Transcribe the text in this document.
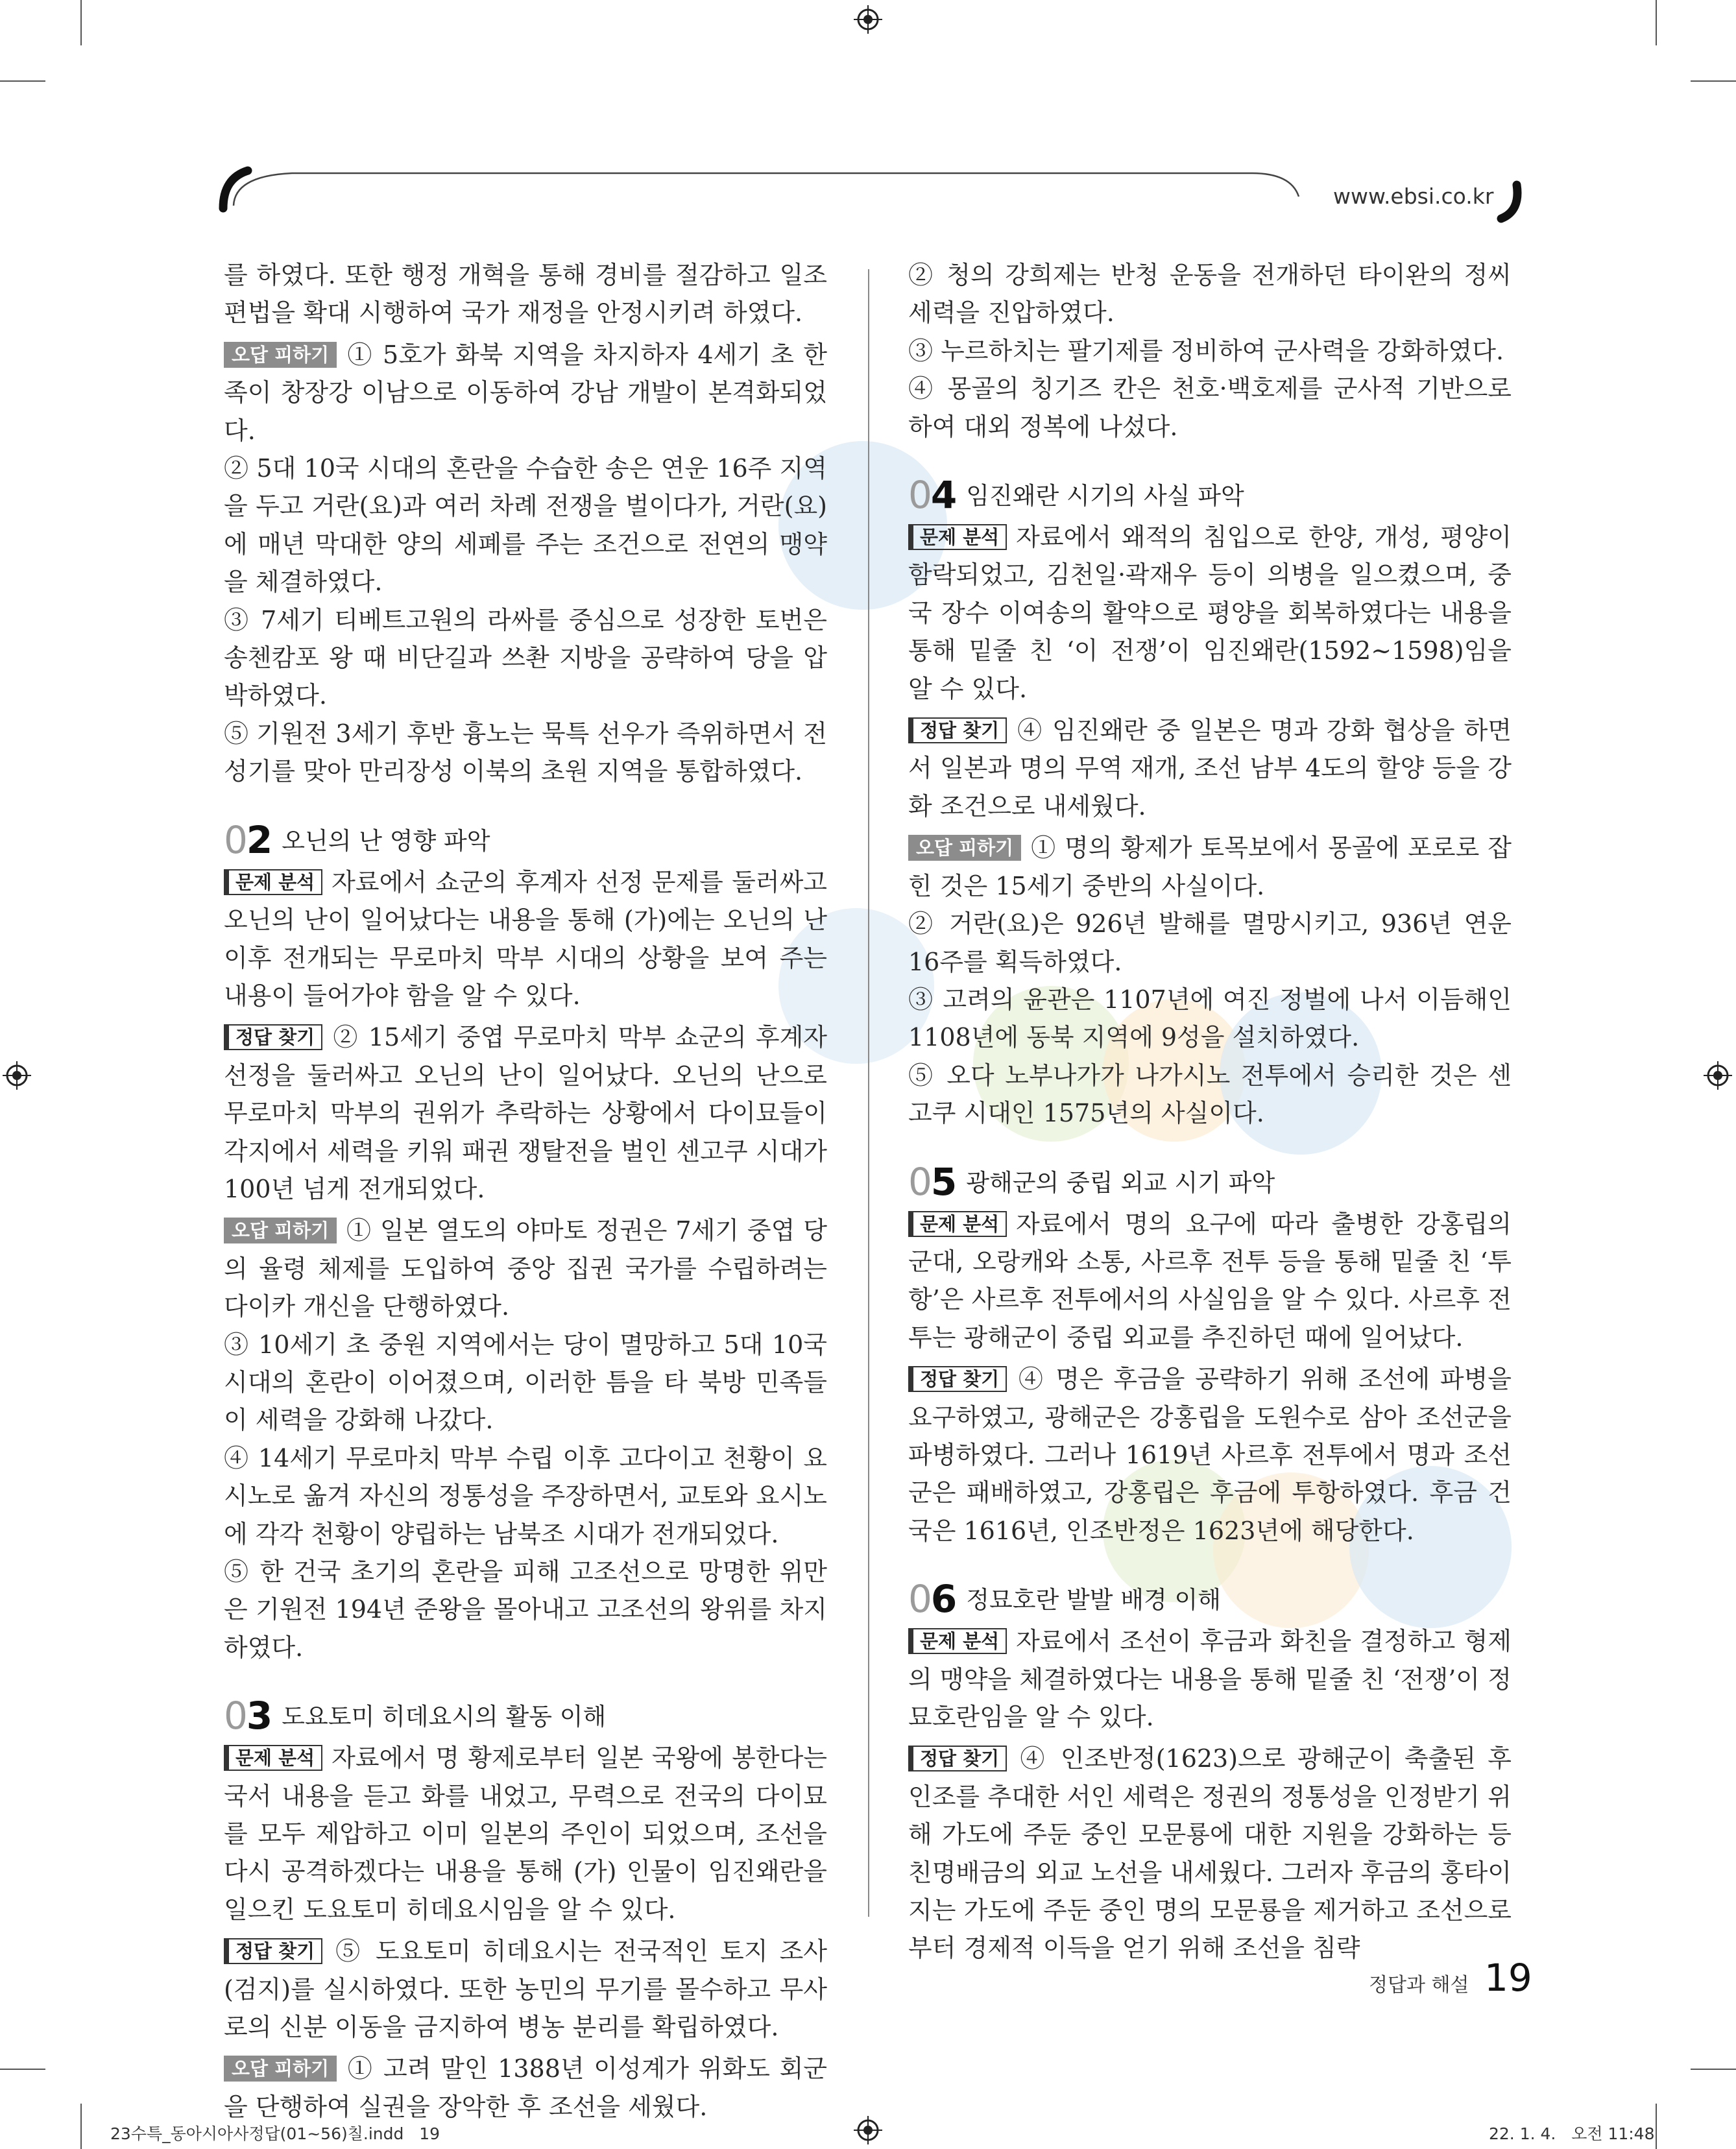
www.ebsi.co.kr

를 하였다. 또한 행정 개혁을 통해 경비를 절감하고 일조편법을 확대 시행하여 국가 재정을 안정시키려 하였다.

오답 피하기 ① 5호가 화북 지역을 차지하자 4세기 초 한족이 창장강 이남으로 이동하여 강남 개발이 본격화되었다.

② 5대 10국 시대의 혼란을 수습한 송은 연운 16주 지역을 두고 거란(요)과 여러 차례 전쟁을 벌이다가, 거란(요)에 매년 막대한 양의 세폐를 주는 조건으로 전연의 맹약을 체결하였다.

③ 7세기 티베트고원의 라싸를 중심으로 성장한 토번은 송첸캄포 왕 때 비단길과 쓰촨 지방을 공략하여 당을 압박하였다.

⑤ 기원전 3세기 후반 흉노는 묵특 선우가 즉위하면서 전성기를 맞아 만리장성 이북의 초원 지역을 통합하였다.

02 오닌의 난 영향 파악

문제 분석 자료에서 쇼군의 후계자 선정 문제를 둘러싸고 오닌의 난이 일어났다는 내용을 통해 (가)에는 오닌의 난 이후 전개되는 무로마치 막부 시대의 상황을 보여 주는 내용이 들어가야 함을 알 수 있다.

정답 찾기 ② 15세기 중엽 무로마치 막부 쇼군의 후계자 선정을 둘러싸고 오닌의 난이 일어났다. 오닌의 난으로 무로마치 막부의 권위가 추락하는 상황에서 다이묘들이 각지에서 세력을 키워 패권 쟁탈전을 벌인 센고쿠 시대가 100년 넘게 전개되었다.

오답 피하기 ① 일본 열도의 야마토 정권은 7세기 중엽 당의 율령 체제를 도입하여 중앙 집권 국가를 수립하려는 다이카 개신을 단행하였다.

③ 10세기 초 중원 지역에서는 당이 멸망하고 5대 10국 시대의 혼란이 이어졌으며, 이러한 틈을 타 북방 민족들이 세력을 강화해 나갔다.

④ 14세기 무로마치 막부 수립 이후 고다이고 천황이 요시노로 옮겨 자신의 정통성을 주장하면서, 교토와 요시노에 각각 천황이 양립하는 남북조 시대가 전개되었다.

⑤ 한 건국 초기의 혼란을 피해 고조선으로 망명한 위만은 기원전 194년 준왕을 몰아내고 고조선의 왕위를 차지하였다.

03 도요토미 히데요시의 활동 이해

문제 분석 자료에서 명 황제로부터 일본 국왕에 봉한다는 국서 내용을 듣고 화를 내었고, 무력으로 전국의 다이묘를 모두 제압하고 이미 일본의 주인이 되었으며, 조선을 다시 공격하겠다는 내용을 통해 (가) 인물이 임진왜란을 일으킨 도요토미 히데요시임을 알 수 있다.

정답 찾기 ⑤ 도요토미 히데요시는 전국적인 토지 조사(검지)를 실시하였다. 또한 농민의 무기를 몰수하고 무사로의 신분 이동을 금지하여 병농 분리를 확립하였다.

오답 피하기 ① 고려 말인 1388년 이성계가 위화도 회군을 단행하여 실권을 장악한 후 조선을 세웠다.

② 청의 강희제는 반청 운동을 전개하던 타이완의 정씨 세력을 진압하였다.

③ 누르하치는 팔기제를 정비하여 군사력을 강화하였다.

④ 몽골의 칭기즈 칸은 천호·백호제를 군사적 기반으로 하여 대외 정복에 나섰다.

04 임진왜란 시기의 사실 파악

문제 분석 자료에서 왜적의 침입으로 한양, 개성, 평양이 함락되었고, 김천일·곽재우 등이 의병을 일으켰으며, 중국 장수 이여송의 활약으로 평양을 회복하였다는 내용을 통해 밑줄 친 ‘이 전쟁’이 임진왜란(1592~1598)임을 알 수 있다.

정답 찾기 ④ 임진왜란 중 일본은 명과 강화 협상을 하면서 일본과 명의 무역 재개, 조선 남부 4도의 할양 등을 강화 조건으로 내세웠다.

오답 피하기 ① 명의 황제가 토목보에서 몽골에 포로로 잡힌 것은 15세기 중반의 사실이다.

② 거란(요)은 926년 발해를 멸망시키고, 936년 연운 16주를 획득하였다.

③ 고려의 윤관은 1107년에 여진 정벌에 나서 이듬해인 1108년에 동북 지역에 9성을 설치하였다.

⑤ 오다 노부나가가 나가시노 전투에서 승리한 것은 센고쿠 시대인 1575년의 사실이다.

05 광해군의 중립 외교 시기 파악

문제 분석 자료에서 명의 요구에 따라 출병한 강홍립의 군대, 오랑캐와 소통, 사르후 전투 등을 통해 밑줄 친 ‘투항’은 사르후 전투에서의 사실임을 알 수 있다. 사르후 전투는 광해군이 중립 외교를 추진하던 때에 일어났다.

정답 찾기 ④ 명은 후금을 공략하기 위해 조선에 파병을 요구하였고, 광해군은 강홍립을 도원수로 삼아 조선군을 파병하였다. 그러나 1619년 사르후 전투에서 명과 조선군은 패배하였고, 강홍립은 후금에 투항하였다. 후금 건국은 1616년, 인조반정은 1623년에 해당한다.

06 정묘호란 발발 배경 이해

문제 분석 자료에서 조선이 후금과 화친을 결정하고 형제의 맹약을 체결하였다는 내용을 통해 밑줄 친 ‘전쟁’이 정묘호란임을 알 수 있다.

정답 찾기 ④ 인조반정(1623)으로 광해군이 축출된 후 인조를 추대한 서인 세력은 정권의 정통성을 인정받기 위해 가도에 주둔 중인 모문룡에 대한 지원을 강화하는 등 친명배금의 외교 노선을 내세웠다. 그러자 후금의 홍타이지는 가도에 주둔 중인 명의 모문룡을 제거하고 조선으로부터 경제적 이득을 얻기 위해 조선을 침략

정답과 해설 19
23수특_동아시아사정답(01~56)칠.indd   19	22. 1. 4.   오전 11:48
